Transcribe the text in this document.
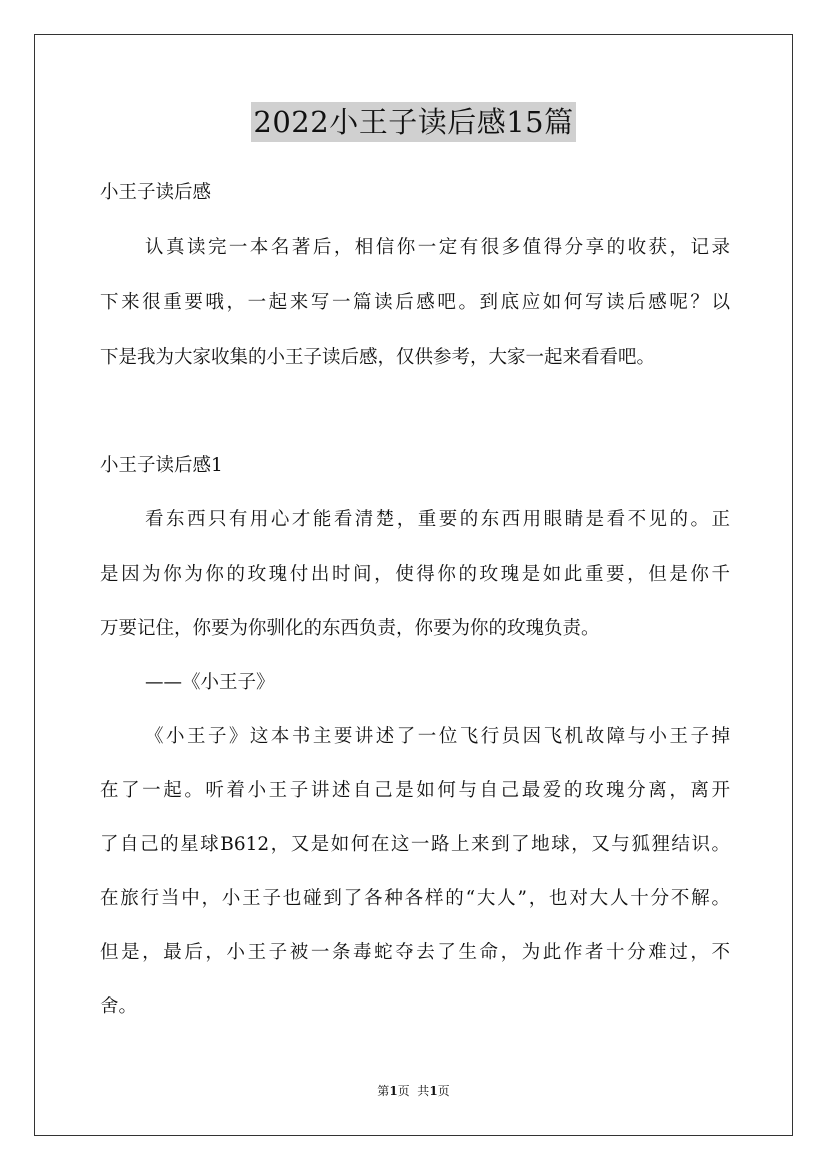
2022小王子读后感15篇
小王子读后感
认真读完一本名著后，相信你一定有很多值得分享的收获，记录
下来很重要哦，一起来写一篇读后感吧。到底应如何写读后感呢？以
下是我为大家收集的小王子读后感，仅供参考，大家一起来看看吧。
小王子读后感1
看东西只有用心才能看清楚，重要的东西用眼睛是看不见的。正
是因为你为你的玫瑰付出时间，使得你的玫瑰是如此重要，但是你千
万要记住，你要为你驯化的东西负责，你要为你的玫瑰负责。
——《小王子》
《小王子》这本书主要讲述了一位飞行员因飞机故障与小王子掉
在了一起。听着小王子讲述自己是如何与自己最爱的玫瑰分离，离开
了自己的星球B612，又是如何在这一路上来到了地球，又与狐狸结识。
在旅行当中，小王子也碰到了各种各样的“大人”，也对大人十分不解。
但是，最后，小王子被一条毒蛇夺去了生命，为此作者十分难过，不
舍。
第1页  共1页
